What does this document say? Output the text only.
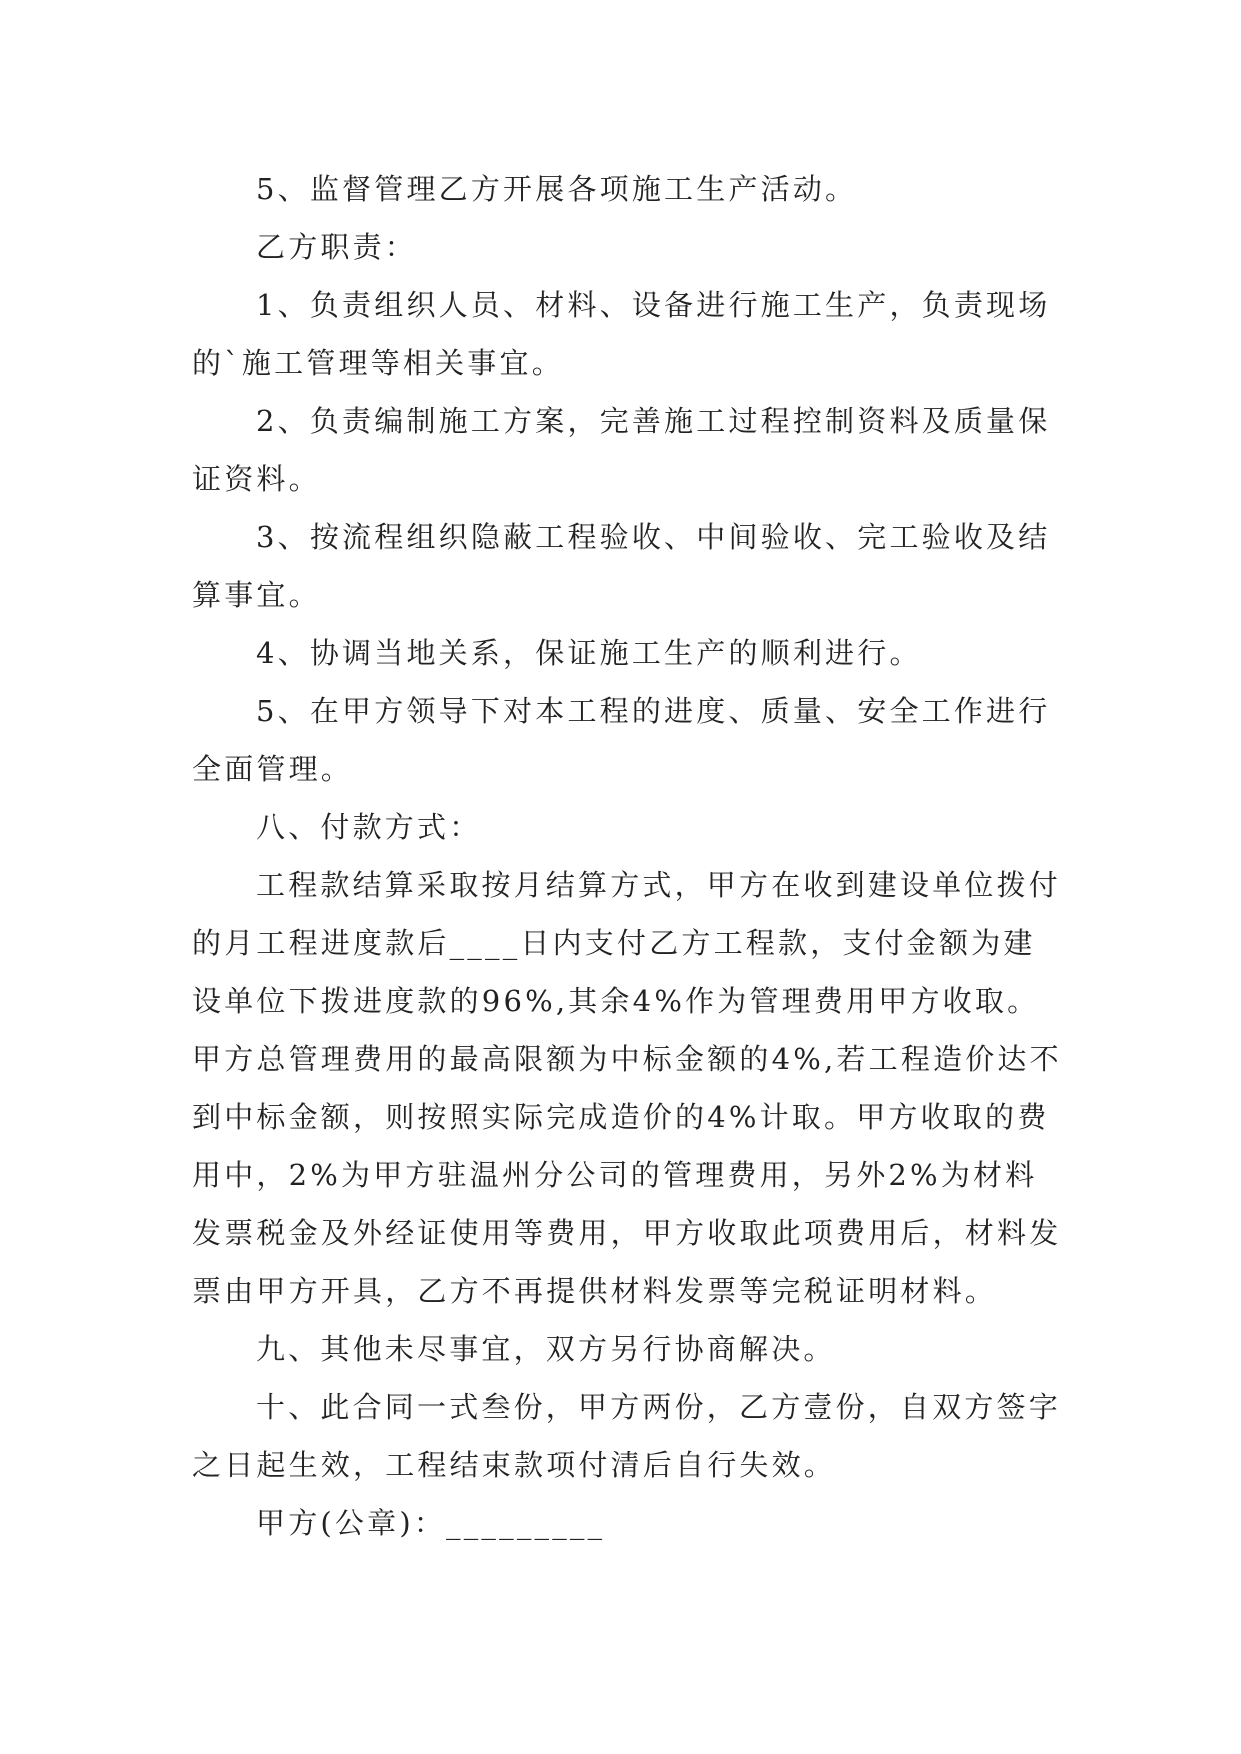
5、监督管理乙方开展各项施工生产活动。

乙方职责：

1、负责组织人员、材料、设备进行施工生产，负责现场的`施工管理等相关事宜。

2、负责编制施工方案，完善施工过程控制资料及质量保证资料。

3、按流程组织隐蔽工程验收、中间验收、完工验收及结算事宜。

4、协调当地关系，保证施工生产的顺利进行。

5、在甲方领导下对本工程的进度、质量、安全工作进行全面管理。

八、付款方式：

工程款结算采取按月结算方式，甲方在收到建设单位拨付的月工程进度款后____日内支付乙方工程款，支付金额为建设单位下拨进度款的96%,其余4%作为管理费用甲方收取。甲方总管理费用的最高限额为中标金额的4%,若工程造价达不到中标金额，则按照实际完成造价的4%计取。甲方收取的费用中，2%为甲方驻温州分公司的管理费用，另外2%为材料发票税金及外经证使用等费用，甲方收取此项费用后，材料发票由甲方开具，乙方不再提供材料发票等完税证明材料。

九、其他未尽事宜，双方另行协商解决。

十、此合同一式叁份，甲方两份，乙方壹份，自双方签字之日起生效，工程结束款项付清后自行失效。

甲方(公章)：_________
